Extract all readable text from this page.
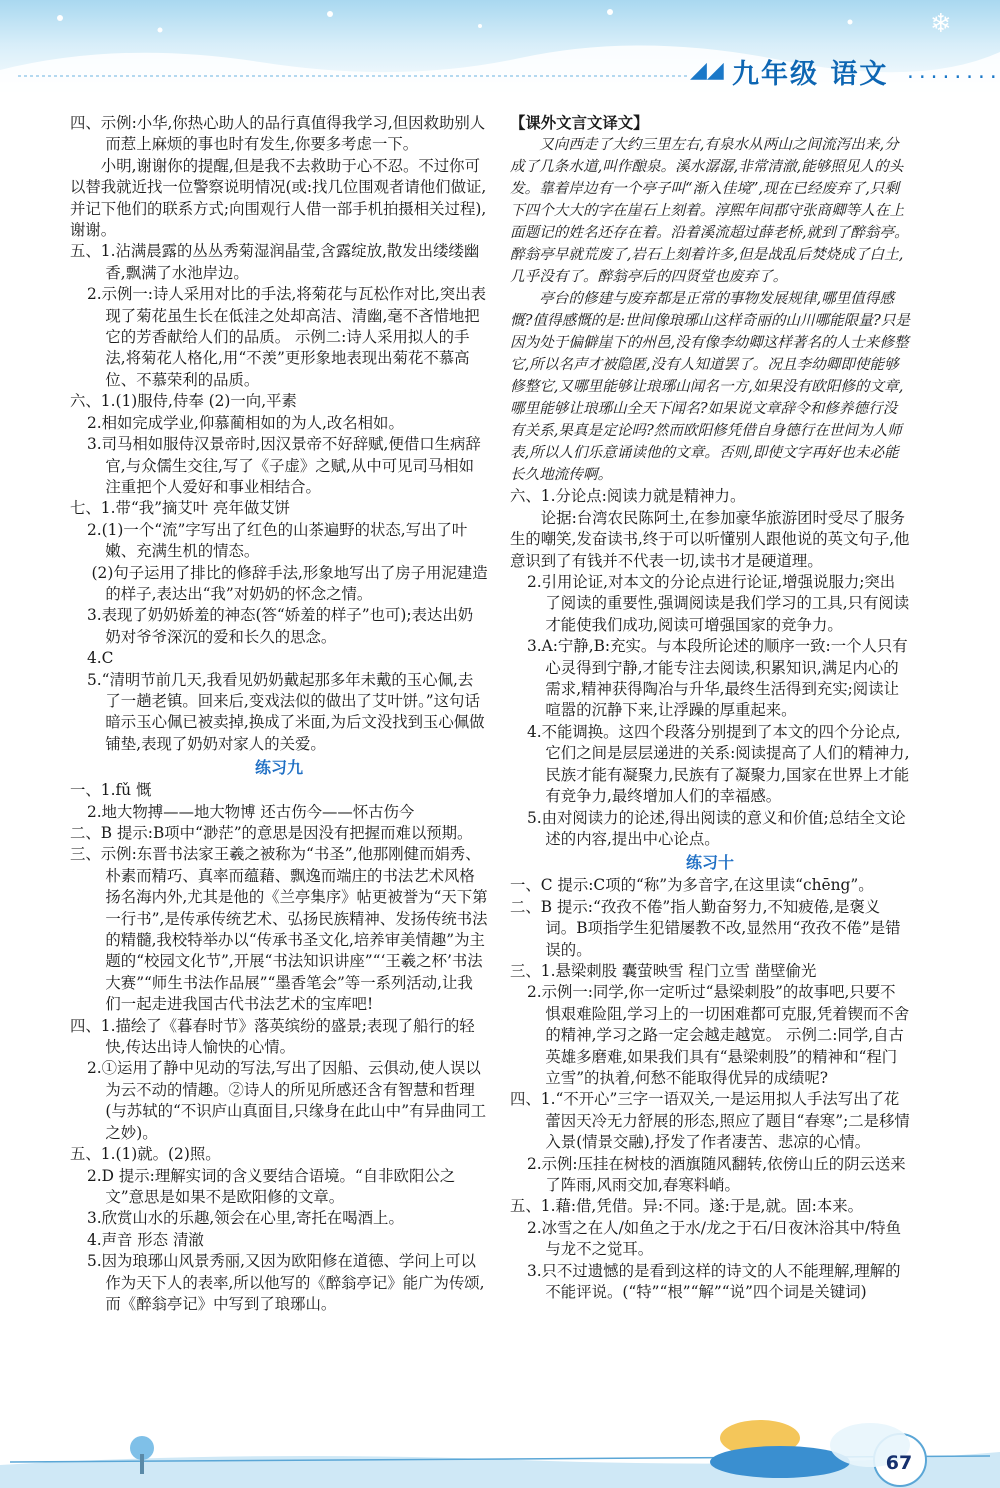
❄
◢◢ 九年级 语文 ........

四、示例:小华,你热心助人的品行真值得我学习,但因救助别人而惹上麻烦的事也时有发生,你要多考虑一下。

小明,谢谢你的提醒,但是我不去救助于心不忍。不过你可以替我就近找一位警察说明情况(或:找几位围观者请他们做证,并记下他们的联系方式;向围观行人借一部手机拍摄相关过程),谢谢。

五、1.沾满晨露的丛丛秀菊湿润晶莹,含露绽放,散发出缕缕幽香,飘满了水池岸边。

2.示例一:诗人采用对比的手法,将菊花与瓦松作对比,突出表现了菊花虽生长在低洼之处却高洁、清幽,毫不吝惜地把它的芳香献给人们的品质。 示例二:诗人采用拟人的手法,将菊花人格化,用“不羡”更形象地表现出菊花不慕高位、不慕荣利的品质。

六、1.(1)服侍,侍奉 (2)一向,平素

2.相如完成学业,仰慕蔺相如的为人,改名相如。

3.司马相如服侍汉景帝时,因汉景帝不好辞赋,便借口生病辞官,与众儒生交往,写了《子虚》之赋,从中可见司马相如注重把个人爱好和事业相结合。

七、1.带“我”摘艾叶 亮年做艾饼

2.(1)一个“流”字写出了红色的山茶遍野的状态,写出了叶嫩、充满生机的情态。

(2)句子运用了排比的修辞手法,形象地写出了房子用泥建造的样子,表达出“我”对奶奶的怀念之情。

3.表现了奶奶娇羞的神态(答“娇羞的样子”也可);表达出奶奶对爷爷深沉的爱和长久的思念。

4.C

5.“清明节前几天,我看见奶奶戴起那多年未戴的玉心佩,去了一趟老镇。回来后,变戏法似的做出了艾叶饼。”这句话暗示玉心佩已被卖掉,换成了米面,为后文没找到玉心佩做铺垫,表现了奶奶对家人的关爱。

练习九

一、1.fǔ 慨

2.地大物搏——地大物博 还古伤今——怀古伤今

二、B 提示:B项中“渺茫”的意思是因没有把握而难以预期。

三、示例:东晋书法家王羲之被称为“书圣”,他那刚健而娟秀、朴素而精巧、真率而蕴藉、飘逸而端庄的书法艺术风格扬名海内外,尤其是他的《兰亭集序》帖更被誉为“天下第一行书”,是传承传统艺术、弘扬民族精神、发扬传统书法的精髓,我校特举办以“传承书圣文化,培养审美情趣”为主题的“校园文化节”,开展“书法知识讲座”“‘王羲之杯’书法大赛”“师生书法作品展”“墨香笔会”等一系列活动,让我们一起走进我国古代书法艺术的宝库吧!

四、1.描绘了《暮春时节》落英缤纷的盛景;表现了船行的轻快,传达出诗人愉快的心情。

2.①运用了静中见动的写法,写出了因船、云俱动,使人误以为云不动的情趣。②诗人的所见所感还含有智慧和哲理(与苏轼的“不识庐山真面目,只缘身在此山中”有异曲同工之妙)。

五、1.(1)就。(2)照。

2.D 提示:理解实词的含义要结合语境。“自非欧阳公之文”意思是如果不是欧阳修的文章。

3.欣赏山水的乐趣,领会在心里,寄托在喝酒上。

4.声音 形态 清澈

5.因为琅琊山风景秀丽,又因为欧阳修在道德、学问上可以作为天下人的表率,所以他写的《醉翁亭记》能广为传颂,而《醉翁亭记》中写到了琅琊山。

【课外文言文译文】

又向西走了大约三里左右,有泉水从两山之间流泻出来,分成了几条水道,叫作酿泉。溪水潺潺,非常清澈,能够照见人的头发。靠着岸边有一个亭子叫“渐入佳境”,现在已经废弃了,只剩下四个大大的字在崖石上刻着。淳熙年间郡守张商卿等人在上面题记的姓名还存在着。沿着溪流超过薛老桥,就到了醉翁亭。醉翁亭早就荒废了,岩石上刻着许多,但是战乱后焚烧成了白土,几乎没有了。醉翁亭后的四贤堂也废弃了。

亭台的修建与废弃都是正常的事物发展规律,哪里值得感慨?值得感慨的是:世间像琅琊山这样奇丽的山川哪能限量?只是因为处于偏僻崖下的州邑,没有像李幼卿这样著名的人士来修整它,所以名声才被隐匿,没有人知道罢了。况且李幼卿即使能够修整它,又哪里能够让琅琊山闻名一方,如果没有欧阳修的文章,哪里能够让琅琊山全天下闻名?如果说文章辞令和修养德行没有关系,果真是定论吗?然而欧阳修凭借自身德行在世间为人师表,所以人们乐意诵读他的文章。否则,即使文字再好也未必能长久地流传啊。

六、1.分论点:阅读力就是精神力。

论据:台湾农民陈阿土,在参加豪华旅游团时受尽了服务生的嘲笑,发奋读书,终于可以听懂别人跟他说的英文句子,他意识到了有钱并不代表一切,读书才是硬道理。

2.引用论证,对本文的分论点进行论证,增强说服力;突出了阅读的重要性,强调阅读是我们学习的工具,只有阅读才能使我们成功,阅读可增强国家的竞争力。

3.A:宁静,B:充实。与本段所论述的顺序一致:一个人只有心灵得到宁静,才能专注去阅读,积累知识,满足内心的需求,精神获得陶冶与升华,最终生活得到充实;阅读让喧嚣的沉静下来,让浮躁的厚重起来。

4.不能调换。这四个段落分别提到了本文的四个分论点,它们之间是层层递进的关系:阅读提高了人们的精神力,民族才能有凝聚力,民族有了凝聚力,国家在世界上才能有竞争力,最终增加人们的幸福感。

5.由对阅读力的论述,得出阅读的意义和价值;总结全文论述的内容,提出中心论点。

练习十

一、C 提示:C项的“称”为多音字,在这里读“chēng”。

二、B 提示:“孜孜不倦”指人勤奋努力,不知疲倦,是褒义词。B项指学生犯错屡教不改,显然用“孜孜不倦”是错误的。

三、1.悬梁刺股 囊萤映雪 程门立雪 凿壁偷光

2.示例一:同学,你一定听过“悬梁刺股”的故事吧,只要不惧艰难险阻,学习上的一切困难都可克服,凭着锲而不舍的精神,学习之路一定会越走越宽。 示例二:同学,自古英雄多磨难,如果我们具有“悬梁刺股”的精神和“程门立雪”的执着,何愁不能取得优异的成绩呢?

四、1.“不开心”三字一语双关,一是运用拟人手法写出了花蕾因天冷无力舒展的形态,照应了题目“春寒”;二是移情入景(情景交融),抒发了作者凄苦、悲凉的心情。

2.示例:压挂在树枝的酒旗随风翻转,依傍山丘的阴云送来了阵雨,风雨交加,春寒料峭。

五、1.藉:借,凭借。异:不同。遂:于是,就。固:本来。

2.冰雪之在人/如鱼之于水/龙之于石/日夜沐浴其中/特鱼与龙不之觉耳。

3.只不过遗憾的是看到这样的诗文的人不能理解,理解的不能评说。(“特”“根”“解”“说”四个词是关键词)

67
